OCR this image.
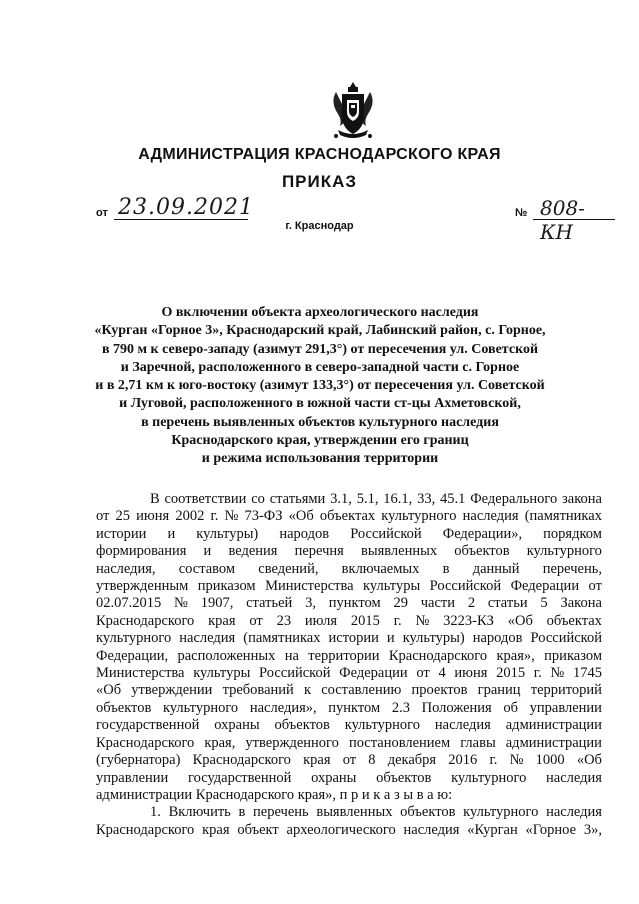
АДМИНИСТРАЦИЯ КРАСНОДАРСКОГО КРАЯ
ПРИКАЗ
от 23.09.2021	№ 808-КН
г. Краснодар
О включении объекта археологического наследия
«Курган «Горное 3», Краснодарский край, Лабинский район, с. Горное,
в 790 м к северо-западу (азимут 291,3°) от пересечения ул. Советской
и Заречной, расположенного в северо-западной части с. Горное
и в 2,71 км к юго-востоку (азимут 133,3°) от пересечения ул. Советской
и Луговой, расположенного в южной части ст-цы Ахметовской,
в перечень выявленных объектов культурного наследия
Краснодарского края, утверждении его границ
и режима использования территории
В соответствии со статьями 3.1, 5.1, 16.1, 33, 45.1 Федерального закона
от 25 июня 2002 г. № 73-ФЗ «Об объектах культурного наследия (памятниках
истории и культуры) народов Российской Федерации», порядком
формирования и ведения перечня выявленных объектов культурного
наследия, составом сведений, включаемых в данный перечень,
утвержденным приказом Министерства культуры Российской Федерации от
02.07.2015 № 1907, статьей 3, пунктом 29 части 2 статьи 5 Закона
Краснодарского края от 23 июля 2015 г. № 3223-КЗ «Об объектах
культурного наследия (памятниках истории и культуры) народов Российской
Федерации, расположенных на территории Краснодарского края», приказом
Министерства культуры Российской Федерации от 4 июня 2015 г. № 1745
«Об утверждении требований к составлению проектов границ территорий
объектов культурного наследия», пунктом 2.3 Положения об управлении
государственной охраны объектов культурного наследия администрации
Краснодарского края, утвержденного постановлением главы администрации
(губернатора) Краснодарского края от 8 декабря 2016 г. № 1000 «Об
управлении государственной охраны объектов культурного наследия
администрации Краснодарского края», п р и к а з ы в а ю:
1. Включить в перечень выявленных объектов культурного наследия
Краснодарского края объект археологического наследия «Курган «Горное 3»,
